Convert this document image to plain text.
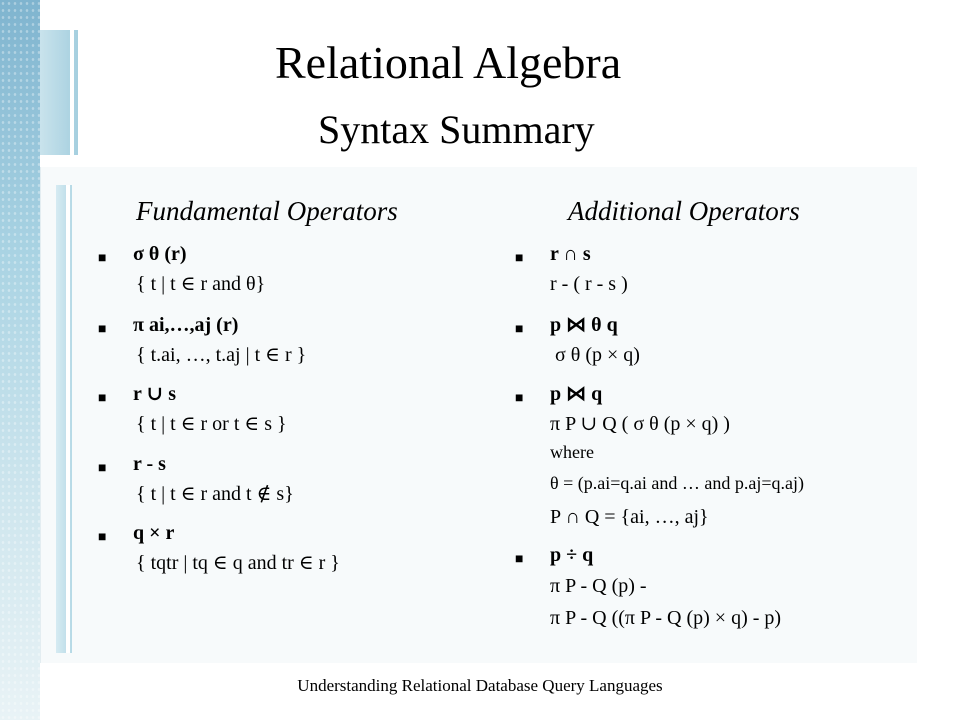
Relational Algebra
Syntax Summary
Fundamental Operators
■
σ θ (r)
{ t | t ∈ r and θ}
■
π ai,…,aj (r)
{ t.ai, …, t.aj | t ∈ r }
■
r ∪ s
{ t | t ∈ r or t ∈ s }
■
r - s
{ t | t ∈ r and t ∉ s}
■
q × r
{ tqtr | tq ∈ q and tr ∈ r }
Additional Operators
■
r ∩ s
r - ( r - s )
■
p ⋈ θ q
σ θ (p × q)
■
p ⋈ q
π P ∪ Q ( σ θ (p × q) )
where
θ = (p.ai=q.ai and … and p.aj=q.aj)
P ∩ Q = {ai, …, aj}
■
p ÷ q
π P - Q (p) -
π P - Q ((π P - Q (p) × q) - p)
Understanding Relational Database Query Languages
